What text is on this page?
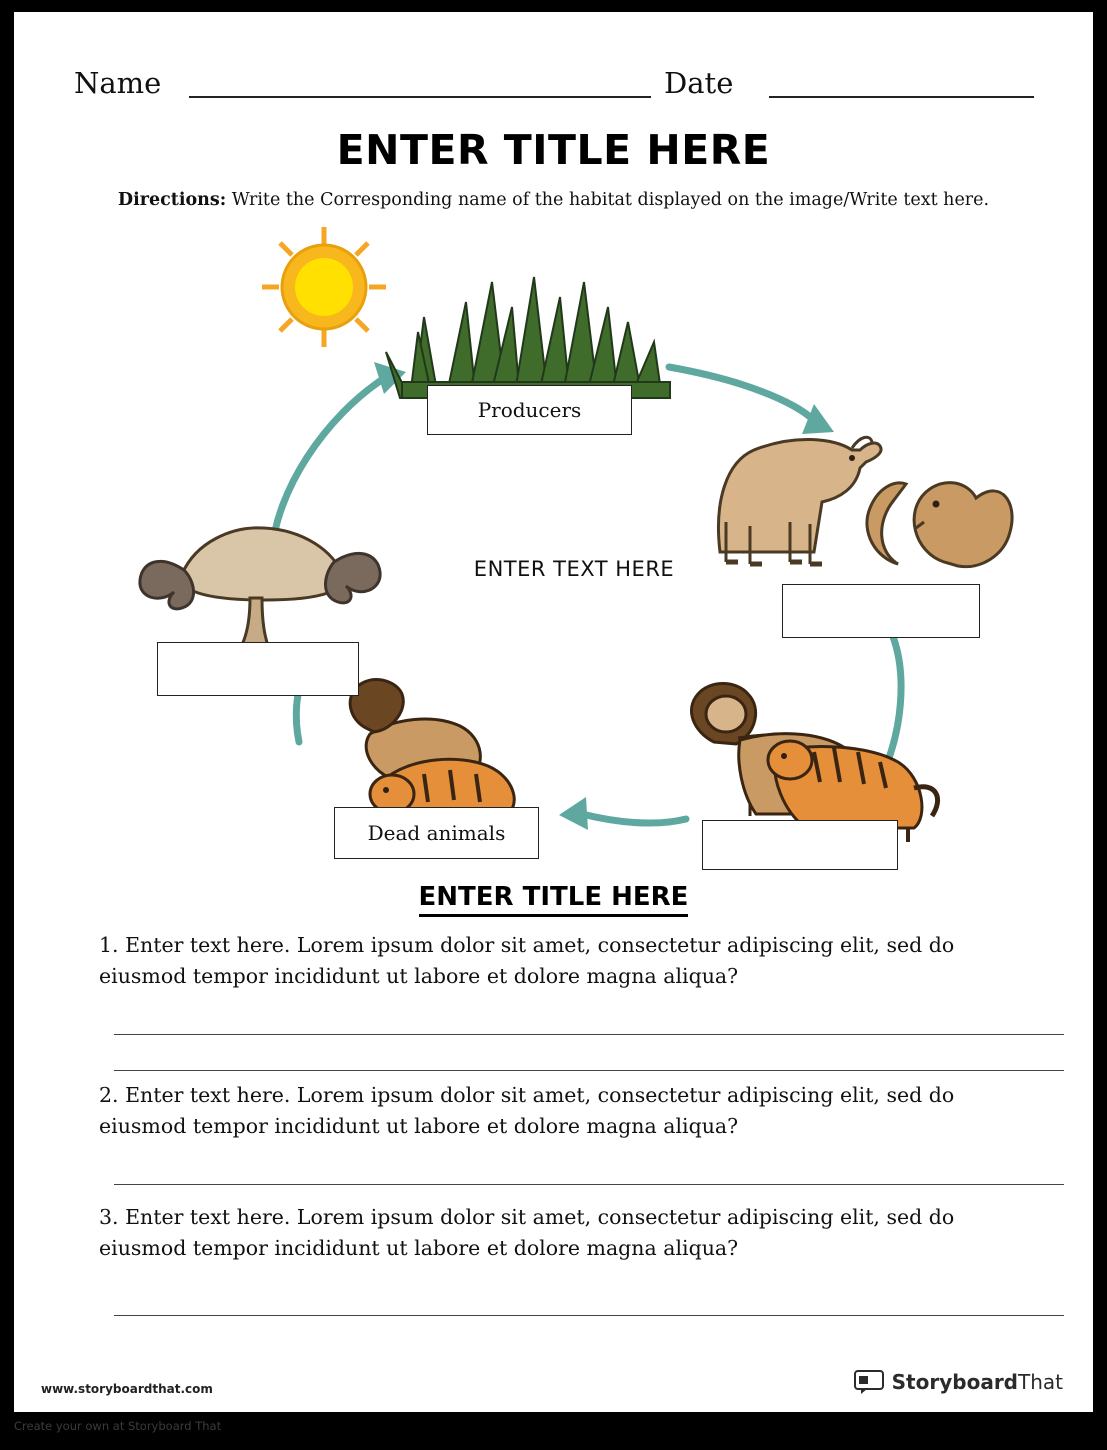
Name	Date
ENTER TITLE HERE
Directions: Write the Corresponding name of the habitat displayed on the image/Write text here.
ENTER TEXT HERE
Producers
Dead animals
ENTER TITLE HERE
1. Enter text here. Lorem ipsum dolor sit amet, consectetur adipiscing elit, sed do eiusmod tempor incididunt ut labore et dolore magna aliqua?
2. Enter text here. Lorem ipsum dolor sit amet, consectetur adipiscing elit, sed do eiusmod tempor incididunt ut labore et dolore magna aliqua?
3. Enter text here. Lorem ipsum dolor sit amet, consectetur adipiscing elit, sed do eiusmod tempor incididunt ut labore et dolore magna aliqua?
www.storyboardthat.com	StoryboardThat
Create your own at Storyboard That
